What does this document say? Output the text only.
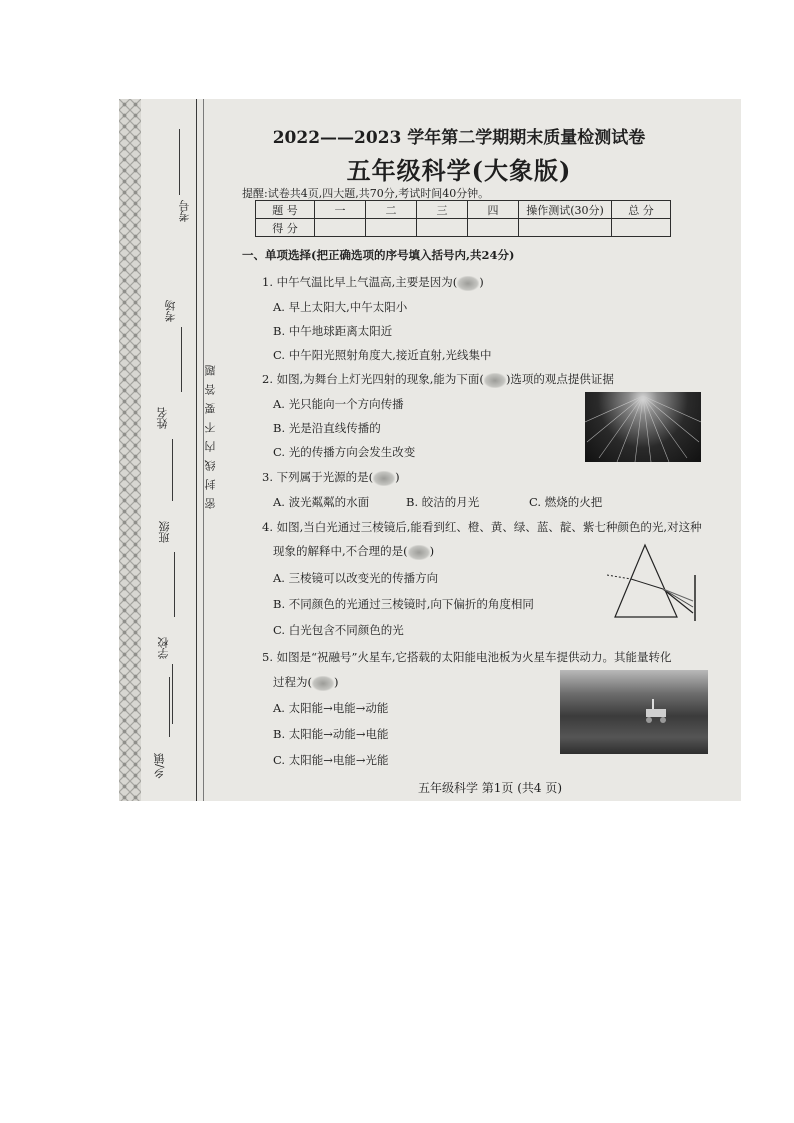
考号
考场
姓名
班级
学校
乡/镇
密封线内不要答题
2022——2023 学年第二学期期末质量检测试卷
五年级科学(大象版)
提醒:试卷共4页,四大题,共70分,考试时间40分钟。
题 号	一	二	三	四	操作测试(30分)	总 分
得 分						
一、单项选择(把正确选项的序号填入括号内,共24分)
1. 中午气温比早上气温高,主要是因为( )
A. 早上太阳大,中午太阳小
B. 中午地球距离太阳近
C. 中午阳光照射角度大,接近直射,光线集中
2. 如图,为舞台上灯光四射的现象,能为下面( )选项的观点提供证据
A. 光只能向一个方向传播
B. 光是沿直线传播的
C. 光的传播方向会发生改变
3. 下列属于光源的是( )
A. 波光粼粼的水面	B. 皎洁的月光	C. 燃烧的火把
4. 如图,当白光通过三棱镜后,能看到红、橙、黄、绿、蓝、靛、紫七种颜色的光,对这种
现象的解释中,不合理的是( )
A. 三棱镜可以改变光的传播方向
B. 不同颜色的光通过三棱镜时,向下偏折的角度相同
C. 白光包含不同颜色的光
5. 如图是“祝融号”火星车,它搭载的太阳能电池板为火星车提供动力。其能量转化
过程为( )
A. 太阳能→电能→动能
B. 太阳能→动能→电能
C. 太阳能→电能→光能
五年级科学 第1页 (共4 页)
